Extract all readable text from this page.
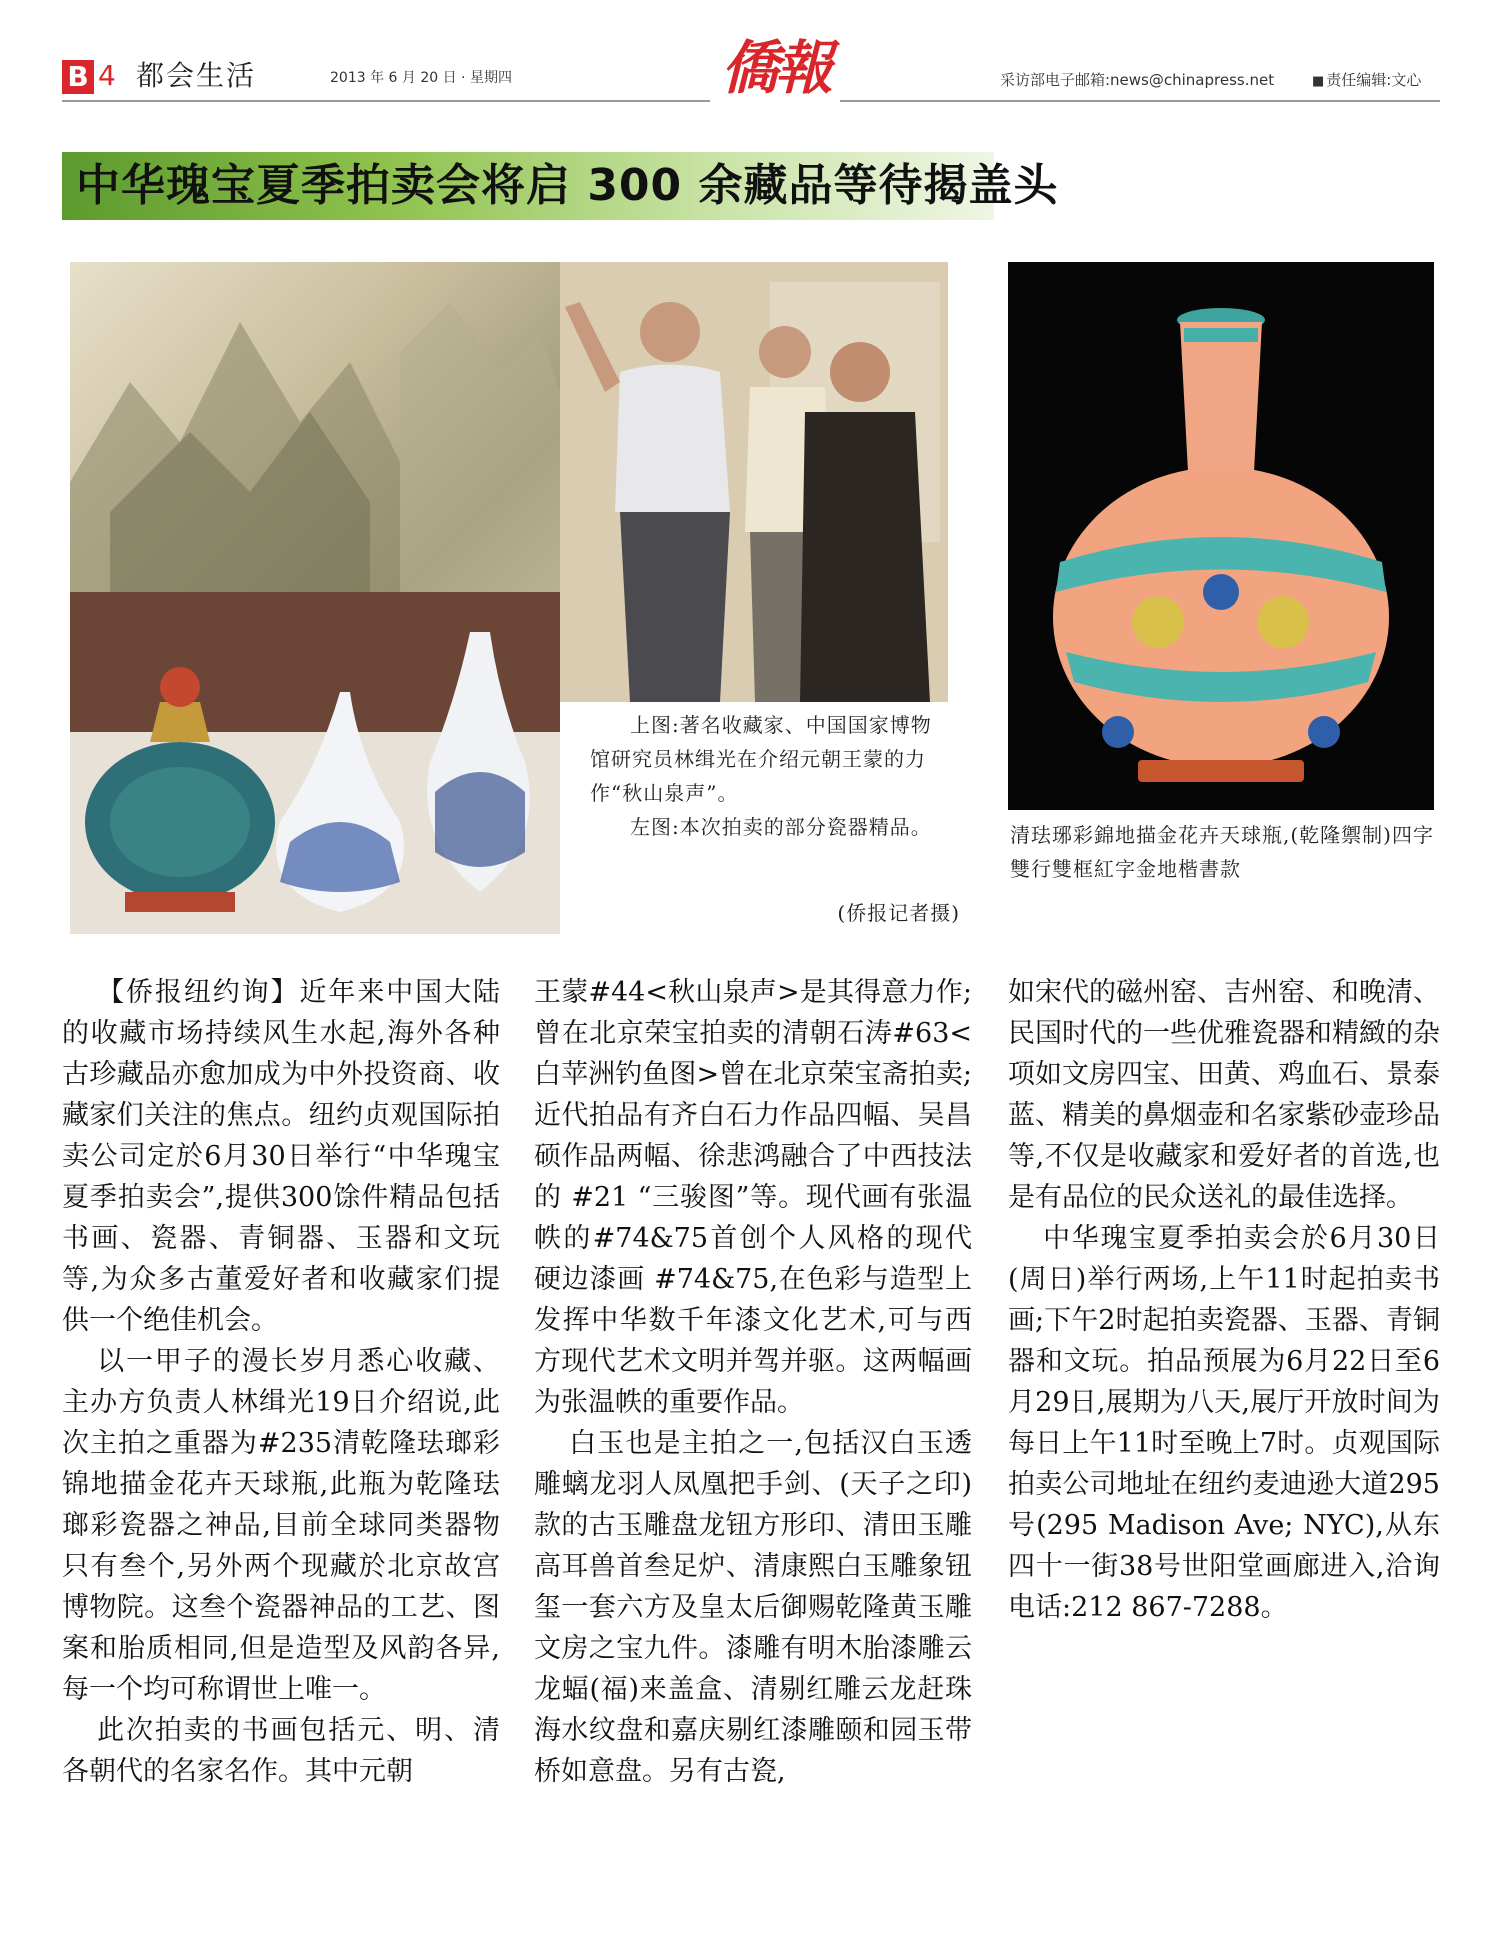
B 4 都会生活	2013 年 6 月 20 日 · 星期四	僑報	采访部电子邮箱:news@chinapress.net
■	责任编辑:文心
中华瑰宝夏季拍卖会将启 300 余藏品等待揭盖头

上图:著名收藏家、中国国家博物馆研究员林缉光在介绍元朝王蒙的力作“秋山泉声”。

左图:本次拍卖的部分瓷器精品。

(侨报记者摄)
清珐琊彩錦地描金花卉天球瓶,(乾隆禦制)四字雙行雙框紅字金地楷書款

【侨报纽约询】近年来中国大陆的收藏市场持续风生水起,海外各种古珍藏品亦愈加成为中外投资商、收藏家们关注的焦点。纽约贞观国际拍卖公司定於6月30日举行“中华瑰宝夏季拍卖会”,提供300馀件精品包括书画、瓷器、青铜器、玉器和文玩等,为众多古董爱好者和收藏家们提供一个绝佳机会。

以一甲子的漫长岁月悉心收藏、主办方负责人林缉光19日介绍说,此次主拍之重器为#235清乾隆珐瑯彩锦地描金花卉天球瓶,此瓶为乾隆珐瑯彩瓷器之神品,目前全球同类器物只有叁个,另外两个现藏於北京故宫博物院。这叁个瓷器神品的工艺、图案和胎质相同,但是造型及风韵各异,每一个均可称谓世上唯一。

此次拍卖的书画包括元、明、清各朝代的名家名作。其中元朝

王蒙#44<秋山泉声>是其得意力作;曾在北京荣宝拍卖的清朝石涛#63<白苹洲钓鱼图>曾在北京荣宝斋拍卖;近代拍品有齐白石力作品四幅、吴昌硕作品两幅、徐悲鸿融合了中西技法的 #21 “三骏图”等。现代画有张温帙的#74&75首创个人风格的现代硬边漆画 #74&75,在色彩与造型上发挥中华数千年漆文化艺术,可与西方现代艺术文明并驾并驱。这两幅画为张温帙的重要作品。

白玉也是主拍之一,包括汉白玉透雕螭龙羽人凤凰把手剑、(天子之印)款的古玉雕盘龙钮方形印、清田玉雕高耳兽首叁足炉、清康熙白玉雕象钮玺一套六方及皇太后御赐乾隆黄玉雕文房之宝九件。漆雕有明木胎漆雕云龙蝠(福)来盖盒、清剔红雕云龙赶珠海水纹盘和嘉庆剔红漆雕颐和园玉带桥如意盘。另有古瓷,

如宋代的磁州窑、吉州窑、和晚清、民国时代的一些优雅瓷器和精緻的杂项如文房四宝、田黄、鸡血石、景泰蓝、精美的鼻烟壶和名家紫砂壶珍品等,不仅是收藏家和爱好者的首选,也是有品位的民众送礼的最佳选择。

中华瑰宝夏季拍卖会於6月30日(周日)举行两场,上午11时起拍卖书画;下午2时起拍卖瓷器、玉器、青铜器和文玩。拍品预展为6月22日至6月29日,展期为八天,展厅开放时间为每日上午11时至晚上7时。贞观国际拍卖公司地址在纽约麦迪逊大道295号(295 Madison Ave; NYC),从东四十一街38号世阳堂画廊进入,洽询电话:212 867-7288。
